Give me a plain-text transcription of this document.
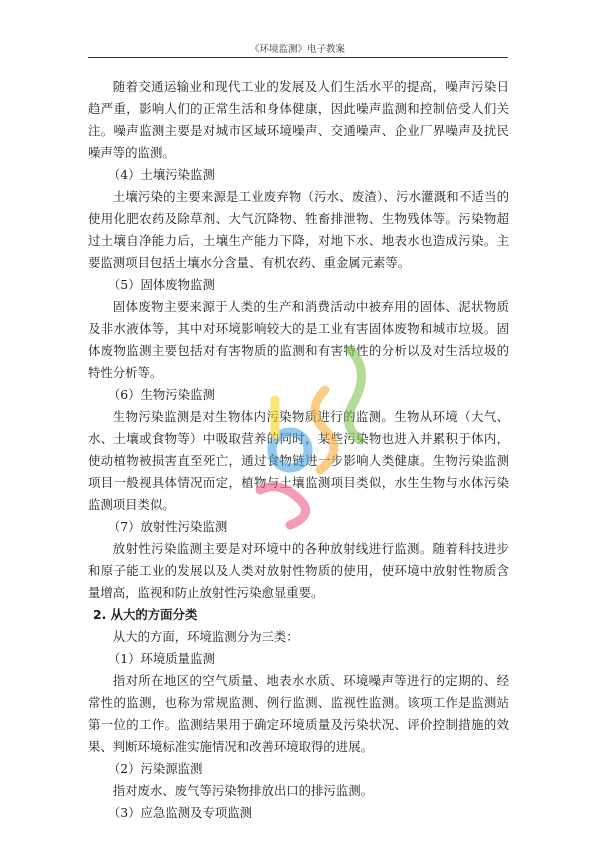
《环境监测》电子教案

随着交通运输业和现代工业的发展及人们生活水平的提高，噪声污染日趋严重，影响人们的正常生活和身体健康，因此噪声监测和控制倍受人们关注。噪声监测主要是对城市区域环境噪声、交通噪声、企业厂界噪声及扰民噪声等的监测。

（4）土壤污染监测

土壤污染的主要来源是工业废弃物（污水、废渣）、污水灌溉和不适当的使用化肥农药及除草剂、大气沉降物、牲畜排泄物、生物残体等。污染物超过土壤自净能力后，土壤生产能力下降，对地下水、地表水也造成污染。主要监测项目包括土壤水分含量、有机农药、重金属元素等。

（5）固体废物监测

固体废物主要来源于人类的生产和消费活动中被弃用的固体、泥状物质及非水液体等，其中对环境影响较大的是工业有害固体废物和城市垃圾。固体废物监测主要包括对有害物质的监测和有害特性的分析以及对生活垃圾的特性分析等。

（6）生物污染监测

生物污染监测是对生物体内污染物质进行的监测。生物从环境（大气、水、土壤或食物等）中吸取营养的同时，某些污染物也进入并累积于体内，使动植物被损害直至死亡，通过食物链进一步影响人类健康。生物污染监测项目一般视具体情况而定，植物与土壤监测项目类似，水生生物与水体污染监测项目类似。

（7）放射性污染监测

放射性污染监测主要是对环境中的各种放射线进行监测。随着科技进步和原子能工业的发展以及人类对放射性物质的使用，使环境中放射性物质含量增高，监视和防止放射性污染愈显重要。

2. 从大的方面分类

从大的方面，环境监测分为三类：

（1）环境质量监测

指对所在地区的空气质量、地表水水质、环境噪声等进行的定期的、经常性的监测，也称为常规监测、例行监测、监视性监测。该项工作是监测站第一位的工作。监测结果用于确定环境质量及污染状况、评价控制措施的效果、判断环境标准实施情况和改善环境取得的进展。

（2）污染源监测

指对废水、废气等污染物排放出口的排污监测。

（3）应急监测及专项监测
